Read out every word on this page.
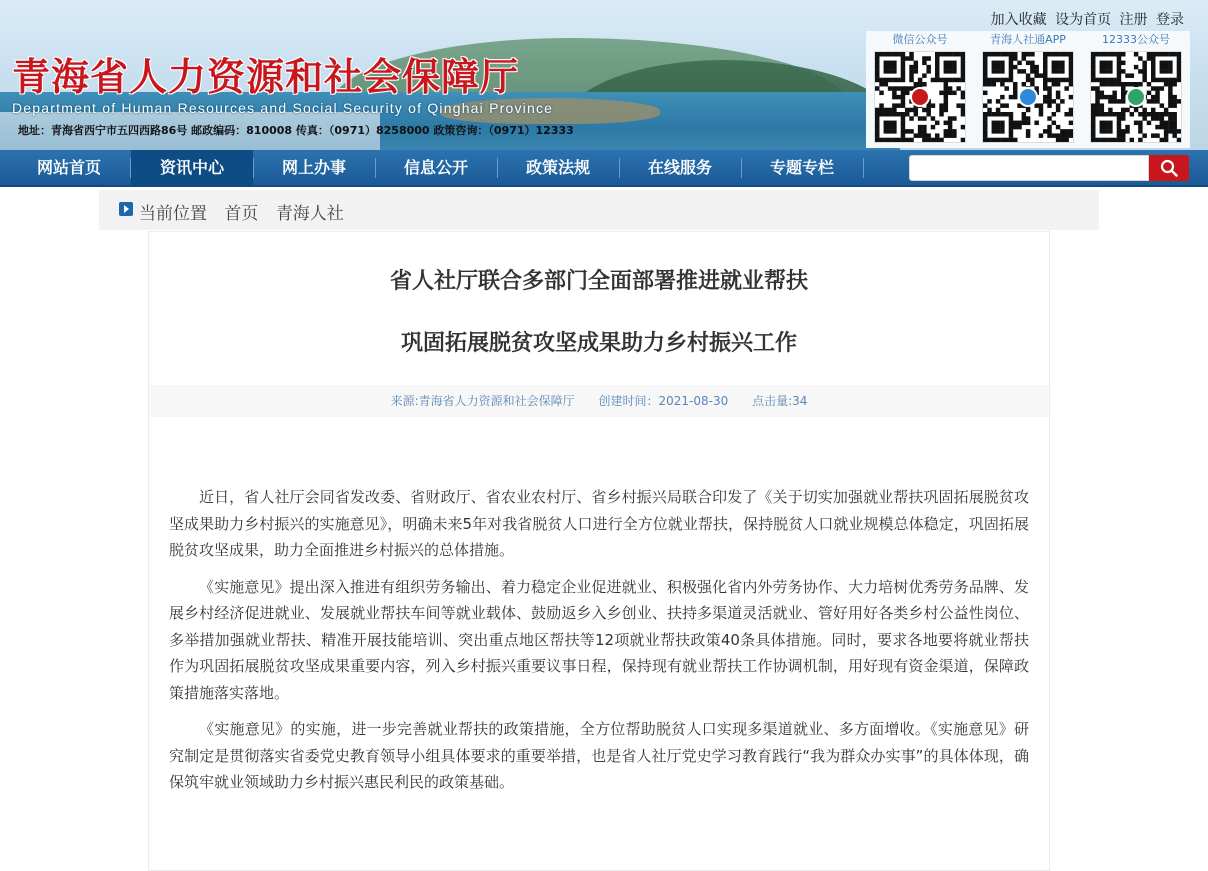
青海省人力资源和社会保障厅
Department of Human Resources and Social Security of Qinghai Province
地址：青海省西宁市五四西路86号 邮政编码：810008 传真：（0971）8258000 政策咨询：（0971）12333
加入收藏 设为首页 注册 登录
微信公众号	青海人社通APP	12333公众号
网站首页	资讯中心	网上办事	信息公开	政策法规	在线服务	专题专栏
当前位置 首页 青海人社
省人社厅联合多部门全面部署推进就业帮扶
巩固拓展脱贫攻坚成果助力乡村振兴工作
来源:青海省人力资源和社会保障厅 创建时间：2021-08-30 点击量:34

近日，省人社厅会同省发改委、省财政厅、省农业农村厅、省乡村振兴局联合印发了《关于切实加强就业帮扶巩固拓展脱贫攻坚成果助力乡村振兴的实施意见》，明确未来5年对我省脱贫人口进行全方位就业帮扶，保持脱贫人口就业规模总体稳定，巩固拓展脱贫攻坚成果，助力全面推进乡村振兴的总体措施。

《实施意见》提出深入推进有组织劳务输出、着力稳定企业促进就业、积极强化省内外劳务协作、大力培树优秀劳务品牌、发展乡村经济促进就业、发展就业帮扶车间等就业载体、鼓励返乡入乡创业、扶持多渠道灵活就业、管好用好各类乡村公益性岗位、多举措加强就业帮扶、精准开展技能培训、突出重点地区帮扶等12项就业帮扶政策40条具体措施。同时，要求各地要将就业帮扶作为巩固拓展脱贫攻坚成果重要内容，列入乡村振兴重要议事日程，保持现有就业帮扶工作协调机制，用好现有资金渠道，保障政策措施落实落地。

《实施意见》的实施，进一步完善就业帮扶的政策措施，全方位帮助脱贫人口实现多渠道就业、多方面增收。《实施意见》研究制定是贯彻落实省委党史教育领导小组具体要求的重要举措，也是省人社厅党史学习教育践行“我为群众办实事”的具体体现，确保筑牢就业领域助力乡村振兴惠民利民的政策基础。
